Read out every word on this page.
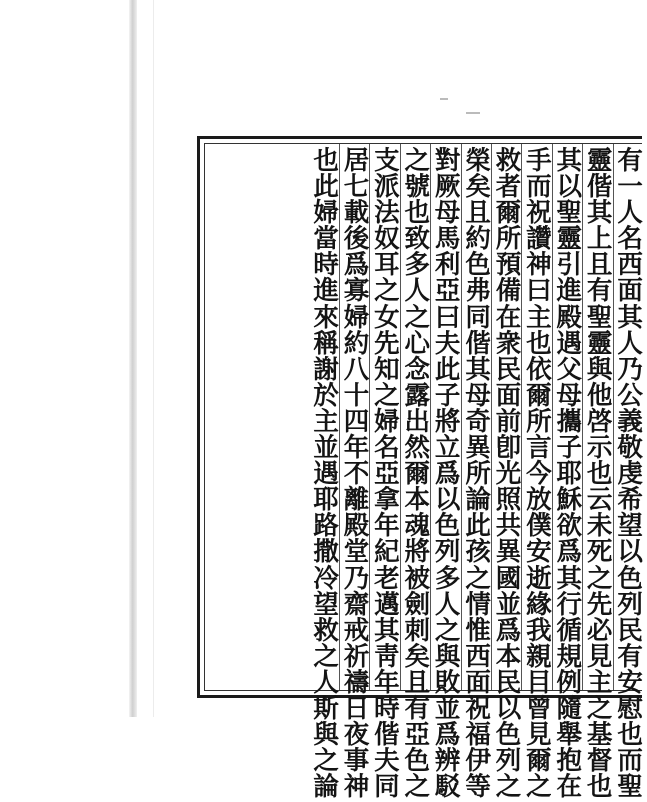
有
一
人
名
西
面
其
人
乃
公
義
敬
虔
希
望
以
色
列
民
有
安
慰
也
而
聖
靈
偕
其
上
且
有
聖
靈
與
他
啓
示
也
云
未
死
之
先
必
見
主
之
基
督
也
其
以
聖
靈
引
進
殿
遇
父
母
攜
子
耶
穌
欲
爲
其
行
循
規
例
隨
舉
抱
在
手
而
祝
讚
神
曰
主
也
依
爾
所
言
今
放
僕
安
逝
緣
我
親
目
曾
見
爾
之
救
者
爾
所
預
備
在
衆
民
面
前
卽
光
照
共
異
國
並
爲
本
民
以
色
列
之
榮
矣
且
約
色
弗
同
偕
其
母
奇
異
所
論
此
孩
之
情
惟
西
面
祝
福
伊
等
對
厥
母
馬
利
亞
曰
夫
此
子
將
立
爲
以
色
列
多
人
之
與
敗
並
爲
辨
駁
之
號
也
致
多
人
之
心
念
露
出
然
爾
本
魂
將
被
劍
刺
矣
且
有
亞
色
之
支
派
法
奴
耳
之
女
先
知
之
婦
名
亞
拿
年
紀
老
邁
其
靑
年
時
偕
夫
同
居
七
載
後
爲
寡
婦
約
八
十
四
年
不
離
殿
堂
乃
齋
戒
祈
禱
日
夜
事
神
也
此
婦
當
時
進
來
稱
謝
於
主
並
遇
耶
路
撒
冷
望
救
之
人
斯
與
之
論
